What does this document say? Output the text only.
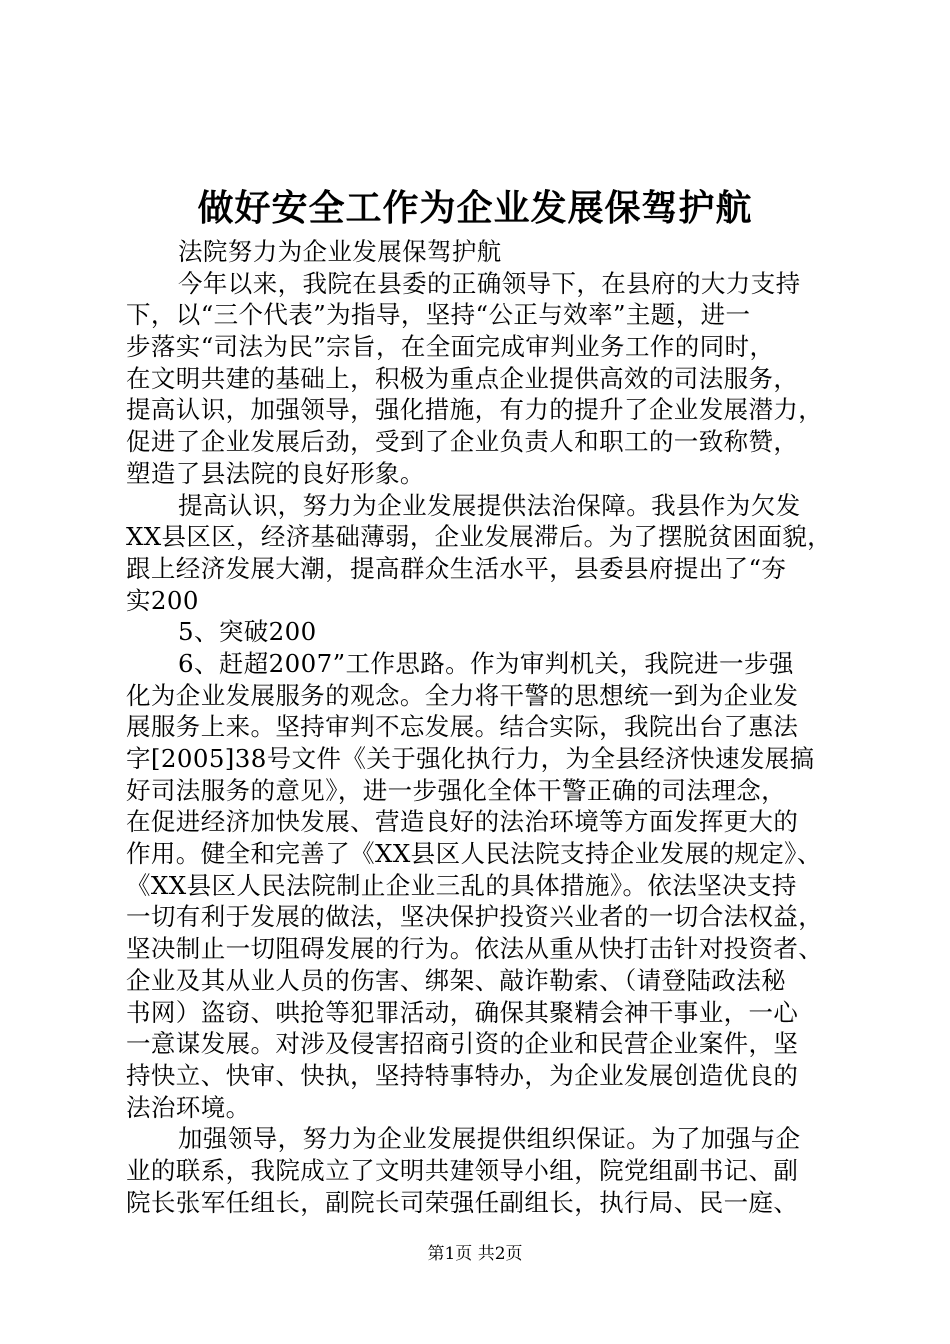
做好安全工作为企业发展保驾护航
法院努力为企业发展保驾护航
今年以来，我院在县委的正确领导下，在县府的大力支持
下，以“三个代表”为指导，坚持“公正与效率”主题，进一
步落实“司法为民”宗旨，在全面完成审判业务工作的同时，
在文明共建的基础上，积极为重点企业提供高效的司法服务，
提高认识，加强领导，强化措施，有力的提升了企业发展潜力，
促进了企业发展后劲，受到了企业负责人和职工的一致称赞，
塑造了县法院的良好形象。
提高认识，努力为企业发展提供法治保障。我县作为欠发
XX县区区，经济基础薄弱，企业发展滞后。为了摆脱贫困面貌，
跟上经济发展大潮，提高群众生活水平，县委县府提出了“夯
实200
5、突破200
6、赶超2007”工作思路。作为审判机关，我院进一步强
化为企业发展服务的观念。全力将干警的思想统一到为企业发
展服务上来。坚持审判不忘发展。结合实际，我院出台了惠法
字[2005]38号文件《关于强化执行力，为全县经济快速发展搞
好司法服务的意见》，进一步强化全体干警正确的司法理念，
在促进经济加快发展、营造良好的法治环境等方面发挥更大的
作用。健全和完善了《XX县区人民法院支持企业发展的规定》、
《XX县区人民法院制止企业三乱的具体措施》。依法坚决支持
一切有利于发展的做法，坚决保护投资兴业者的一切合法权益，
坚决制止一切阻碍发展的行为。依法从重从快打击针对投资者、
企业及其从业人员的伤害、绑架、敲诈勒索、（请登陆政法秘
书网）盗窃、哄抢等犯罪活动，确保其聚精会神干事业，一心
一意谋发展。对涉及侵害招商引资的企业和民营企业案件，坚
持快立、快审、快执，坚持特事特办，为企业发展创造优良的
法治环境。
加强领导，努力为企业发展提供组织保证。为了加强与企
业的联系，我院成立了文明共建领导小组，院党组副书记、副
院长张军任组长，副院长司荣强任副组长，执行局、民一庭、
第1页 共2页
